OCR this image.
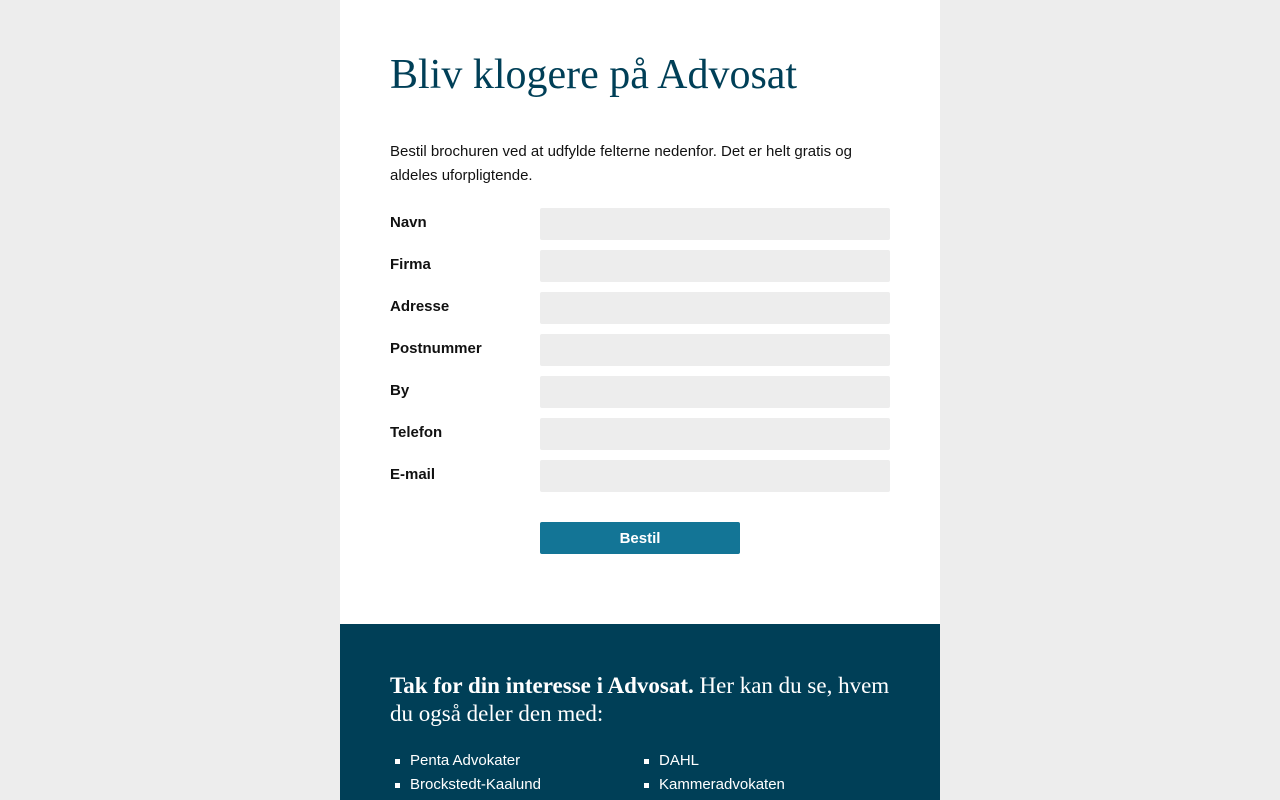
Bliv klogere på Advosat

Bestil brochuren ved at udfylde felterne nedenfor. Det er helt gratis og aldeles uforpligtende.

Navn
Firma
Adresse
Postnummer
By
Telefon
E-mail
Bestil
Tak for din interesse i Advosat. Her kan du se, hvem du også deler den med:
Penta Advokater
Brockstedt-Kaalund
DAHL
Kammeradvokaten
